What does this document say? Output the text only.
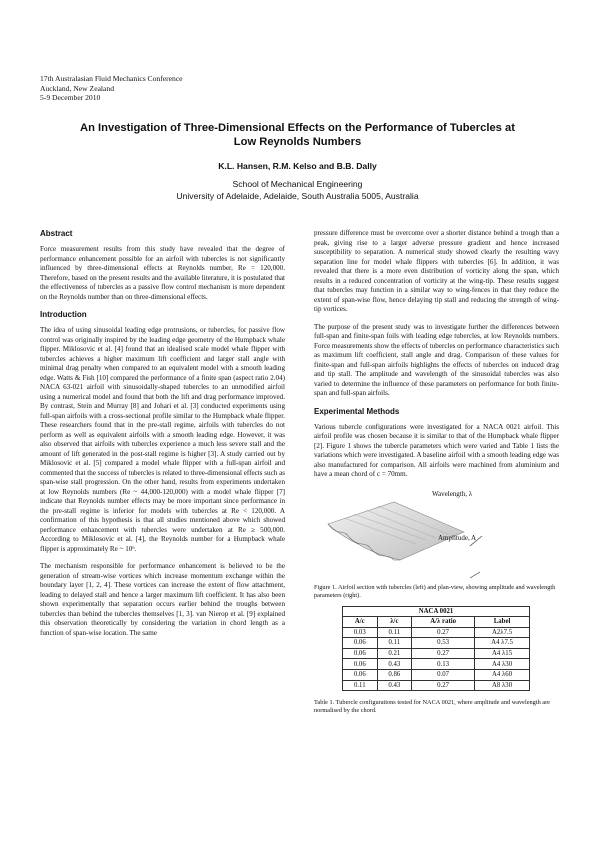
17th Australasian Fluid Mechanics Conference
Auckland, New Zealand
5-9 December 2010
An Investigation of Three-Dimensional Effects on the Performance of Tubercles at
Low Reynolds Numbers
K.L. Hansen, R.M. Kelso and B.B. Dally
School of Mechanical Engineering
University of Adelaide, Adelaide, South Australia 5005, Australia
Abstract

Force measurement results from this study have revealed that the degree of performance enhancement possible for an airfoil with tubercles is not significantly influenced by three-dimensional effects at Reynolds number, Re = 120,000. Therefore, based on the present results and the available literature, it is postulated that the effectiveness of tubercles as a passive flow control mechanism is more dependent on the Reynolds number than on three-dimensional effects.

Introduction

The idea of using sinusoidal leading edge protrusions, or tubercles, for passive flow control was originally inspired by the leading edge geometry of the Humpback whale flipper. Miklosovic et al. [4] found that an idealised scale model whale flipper with tubercles achieves a higher maximum lift coefficient and larger stall angle with minimal drag penalty when compared to an equivalent model with a smooth leading edge. Watts & Fish [10] compared the performance of a finite span (aspect ratio 2.04) NACA 63-021 airfoil with sinusoidally-shaped tubercles to an unmodified airfoil using a numerical model and found that both the lift and drag performance improved. By contrast, Stein and Murray [8] and Johari et al. [3] conducted experiments using full-span airfoils with a cross-sectional profile similar to the Humpback whale flipper. These researchers found that in the pre-stall regime, airfoils with tubercles do not perform as well as equivalent airfoils with a smooth leading edge. However, it was also observed that airfoils with tubercles experience a much less severe stall and the amount of lift generated in the post-stall regime is higher [3]. A study carried out by Miklosovic et al. [5] compared a model whale flipper with a full-span airfoil and commented that the success of tubercles is related to three-dimensional effects such as span-wise stall progression. On the other hand, results from experiments undertaken at low Reynolds numbers (Re ~ 44,000-120,000) with a model whale flipper [7] indicate that Reynolds number effects may be more important since performance in the pre-stall regime is inferior for models with tubercles at Re < 120,000. A confirmation of this hypothesis is that all studies mentioned above which showed performance enhancement with tubercles were undertaken at Re ≥ 500,000. According to Miklosovic et al. [4], the Reynolds number for a Humpback whale flipper is approximately Re ~ 10⁶.

The mechanism responsible for performance enhancement is believed to be the generation of stream-wise vortices which increase momentum exchange within the boundary layer [1, 2, 4]. These vortices can increase the extent of flow attachment, leading to delayed stall and hence a larger maximum lift coefficient. It has also been shown experimentally that separation occurs earlier behind the troughs between tubercles than behind the tubercles themselves [1, 3]. van Nierop et al. [9] explained this observation theoretically by considering the variation in chord length as a function of span-wise location. The same

pressure difference must be overcome over a shorter distance behind a trough than a peak, giving rise to a larger adverse pressure gradient and hence increased susceptibility to separation. A numerical study showed clearly the resulting wavy separation line for model whale flippers with tubercles [6]. In addition, it was revealed that there is a more even distribution of vorticity along the span, which results in a reduced concentration of vorticity at the wing-tip. These results suggest that tubercles may function in a similar way to wing-fences in that they reduce the extent of span-wise flow, hence delaying tip stall and reducing the strength of wing-tip vortices.

The purpose of the present study was to investigate further the differences between full-span and finite-span foils with leading edge tubercles, at low Reynolds numbers. Force measurements show the effects of tubercles on performance characteristics such as maximum lift coefficient, stall angle and drag. Comparison of these values for finite-span and full-span airfoils highlights the effects of tubercles on induced drag and tip stall. The amplitude and wavelength of the sinusoidal tubercles was also varied to determine the influence of these parameters on performance for both finite-span and full-span airfoils.

Experimental Methods

Various tubercle configurations were investigated for a NACA 0021 airfoil. This airfoil profile was chosen because it is similar to that of the Humpback whale flipper [2]. Figure 1 shows the tubercle parameters which were varied and Table 1 lists the variations which were investigated. A baseline airfoil with a smooth leading edge was also manufactured for comparison. All airfoils were machined from aluminium and have a mean chord of c = 70mm.

Wavelength, λ
Amplitude, A
Figure 1. Airfoil section with tubercles (left) and plan-view, showing amplitude and wavelength parameters (right).
NACA 0021			
A/c	λ/c	A/λ ratio	Label
0.03	0.11	0.27	A2λ7.5
0.06	0.11	0.53	A4 λ7.5
0.06	0.21	0.27	A4 λ15
0.06	0.43	0.13	A4 λ30
0.06	0.86	0.07	A4 λ60
0.11	0.43	0.27	A8 λ30
Table 1. Tubercle configurations tested for NACA 0021, where amplitude and wavelength are normalised by the chord.
